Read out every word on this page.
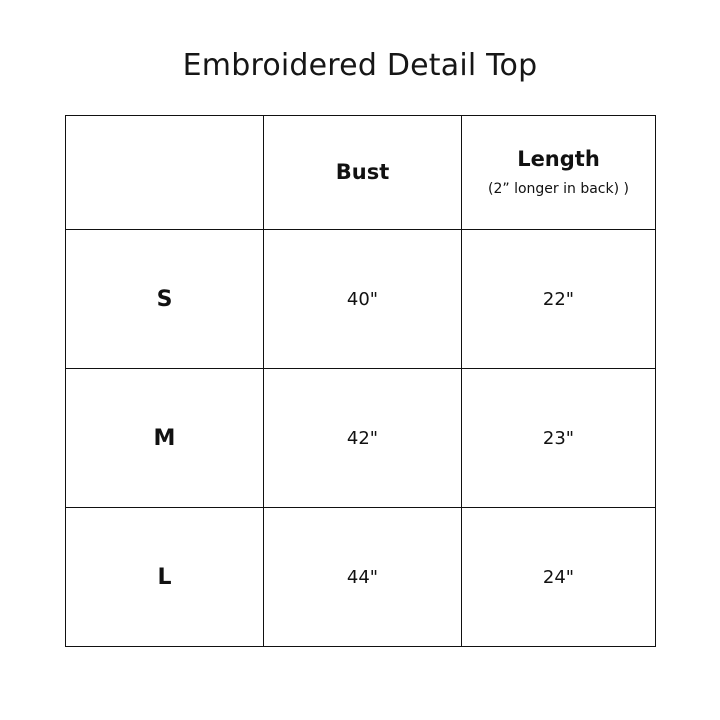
Embroidered Detail Top

	Bust	Length
(2” longer in back) )

S	40"	22"

M	42"	23"

L	44"	24"
